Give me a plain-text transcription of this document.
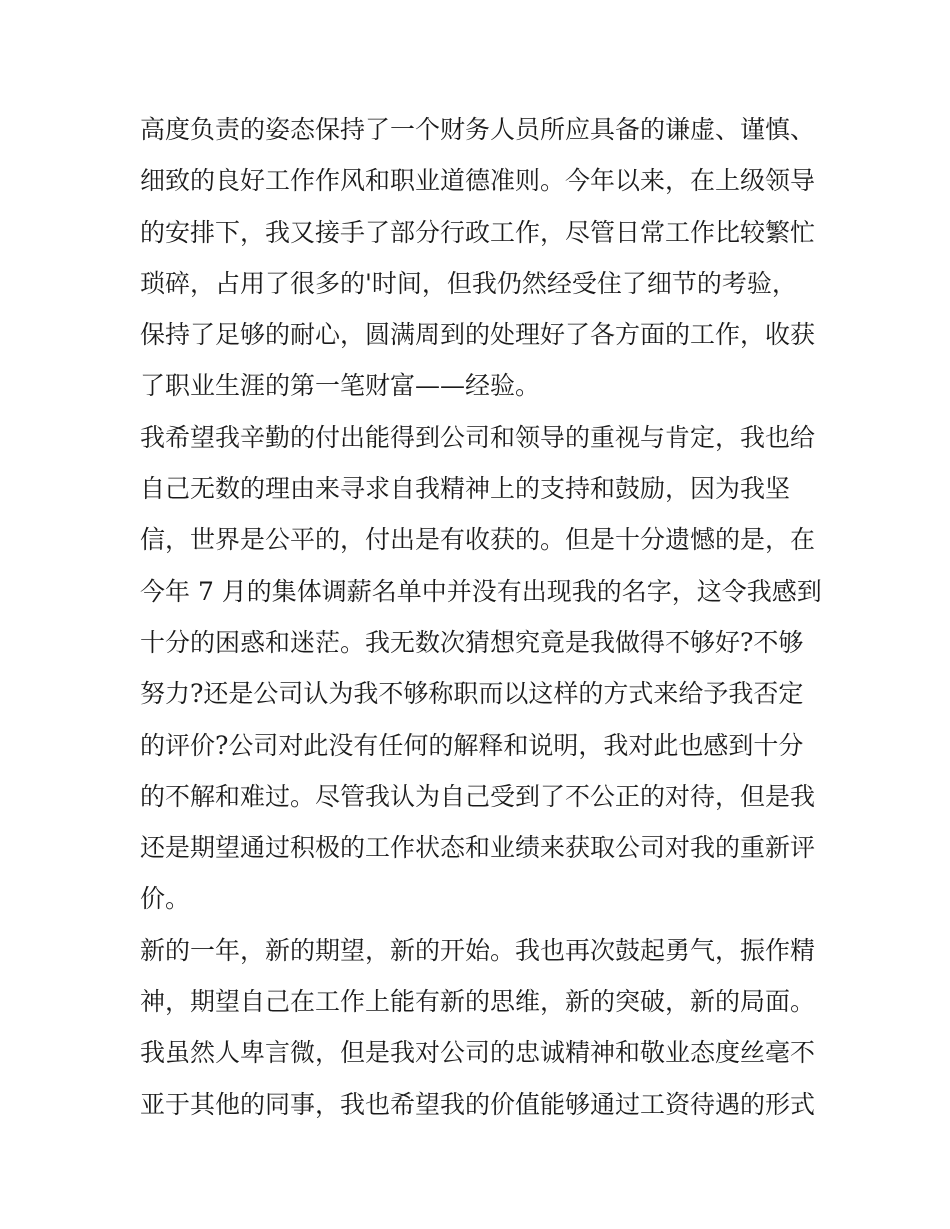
高度负责的姿态保持了一个财务人员所应具备的谦虚、谨慎、
细致的良好工作作风和职业道德准则。今年以来，在上级领导
的安排下，我又接手了部分行政工作，尽管日常工作比较繁忙
琐碎，占用了很多的'时间，但我仍然经受住了细节的考验，
保持了足够的耐心，圆满周到的处理好了各方面的工作，收获
了职业生涯的第一笔财富——经验。
我希望我辛勤的付出能得到公司和领导的重视与肯定，我也给
自己无数的理由来寻求自我精神上的支持和鼓励，因为我坚
信，世界是公平的，付出是有收获的。但是十分遗憾的是，在
今年 7 月的集体调薪名单中并没有出现我的名字，这令我感到
十分的困惑和迷茫。我无数次猜想究竟是我做得不够好?不够
努力?还是公司认为我不够称职而以这样的方式来给予我否定
的评价?公司对此没有任何的解释和说明，我对此也感到十分
的不解和难过。尽管我认为自己受到了不公正的对待，但是我
还是期望通过积极的工作状态和业绩来获取公司对我的重新评
价。
新的一年，新的期望，新的开始。我也再次鼓起勇气，振作精
神，期望自己在工作上能有新的思维，新的突破，新的局面。
我虽然人卑言微，但是我对公司的忠诚精神和敬业态度丝毫不
亚于其他的同事，我也希望我的价值能够通过工资待遇的形式
